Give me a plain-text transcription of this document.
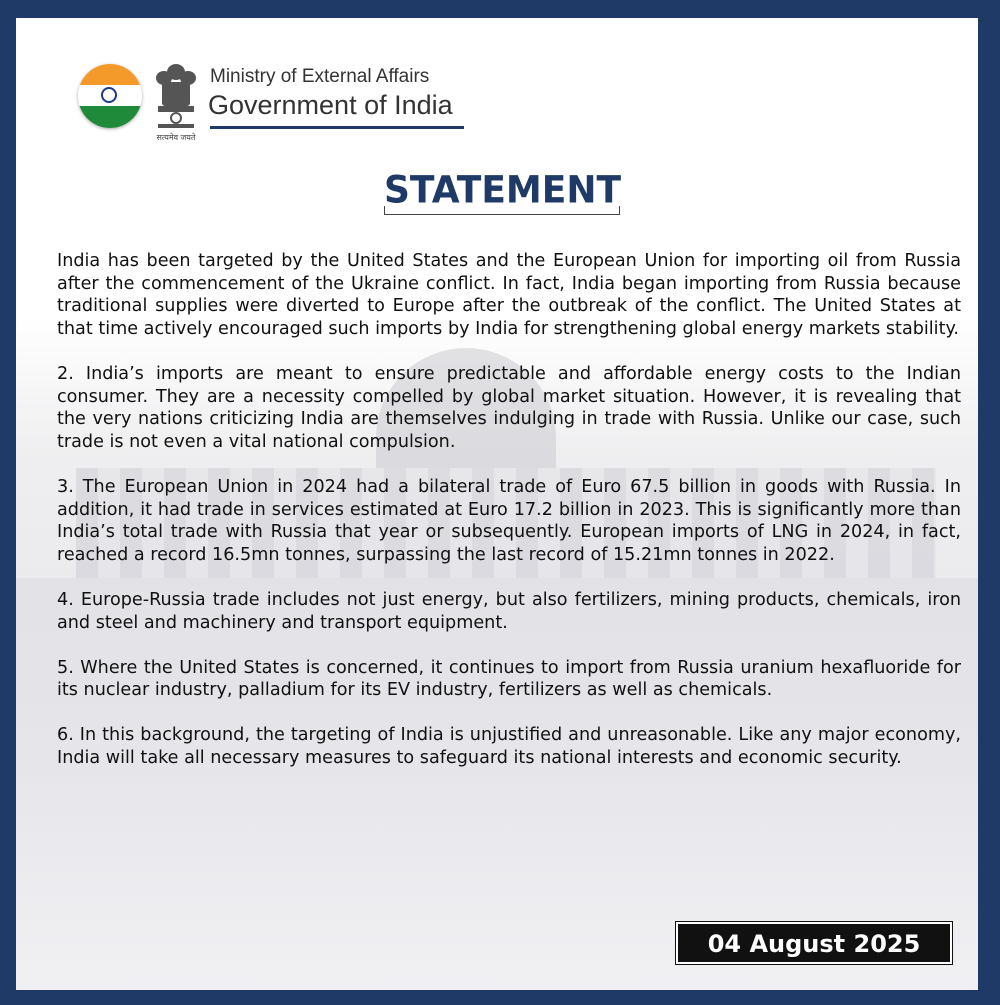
सत्यमेव जयते
Ministry of External Affairs
Government of India
STATEMENT

India has been targeted by the United States and the European Union for importing oil from Russia after the commencement of the Ukraine conflict. In fact, India began importing from Russia because traditional supplies were diverted to Europe after the outbreak of the conflict. The United States at that time actively encouraged such imports by India for strengthening global energy markets stability.

2. India’s imports are meant to ensure predictable and affordable energy costs to the Indian consumer. They are a necessity compelled by global market situation. However, it is revealing that the very nations criticizing India are themselves indulging in trade with Russia. Unlike our case, such trade is not even a vital national compulsion.

3. The European Union in 2024 had a bilateral trade of Euro 67.5 billion in goods with Russia. In addition, it had trade in services estimated at Euro 17.2 billion in 2023. This is significantly more than India’s total trade with Russia that year or subsequently. European imports of LNG in 2024, in fact, reached a record 16.5mn tonnes, surpassing the last record of 15.21mn tonnes in 2022.

4. Europe-Russia trade includes not just energy, but also fertilizers, mining products, chemicals, iron and steel and machinery and transport equipment.

5. Where the United States is concerned, it continues to import from Russia uranium hexafluoride for its nuclear industry, palladium for its EV industry, fertilizers as well as chemicals.

6. In this background, the targeting of India is unjustified and unreasonable. Like any major economy, India will take all necessary measures to safeguard its national interests and economic security.

04 August 2025
